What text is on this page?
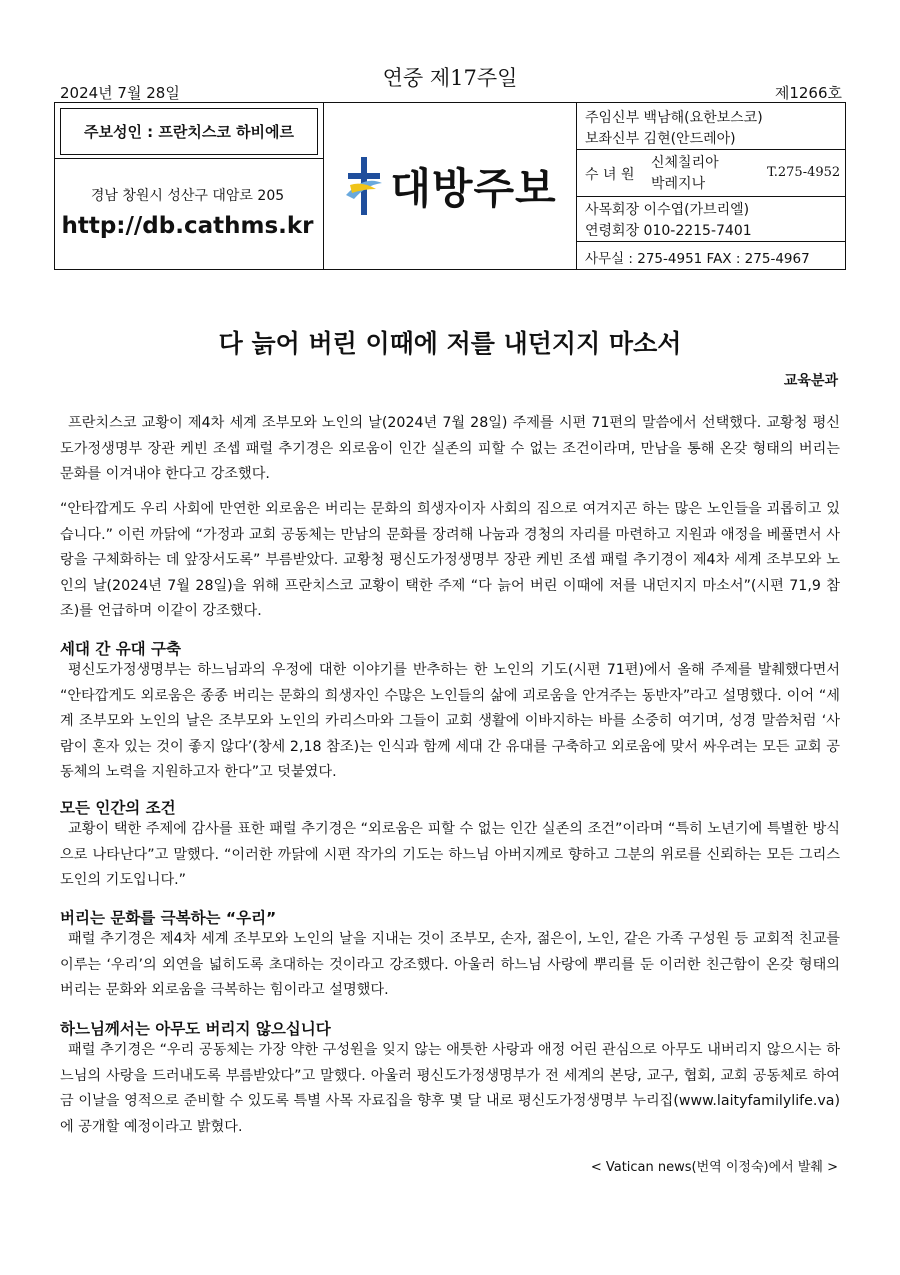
연중 제17주일
2024년 7월 28일	제1266호
주보성인 : 프란치스코 하비에르
경남 창원시 성산구 대암로 205
http://db.cathms.kr
대방주보
주임신부 백남해(요한보스코)
보좌신부 김현(안드레아)
수 녀 원
신체칠리아
박레지나
T.275-4952
사목회장 이수엽(가브리엘)
연령회장 010-2215-7401
사무실 : 275-4951 FAX : 275-4967
다 늙어 버린 이때에 저를 내던지지 마소서
교육분과

프란치스코 교황이 제4차 세계 조부모와 노인의 날(2024년 7월 28일) 주제를 시편 71편의 말씀에서 선택했다. 교황청 평신도가정생명부 장관 케빈 조셉 패럴 추기경은 외로움이 인간 실존의 피할 수 없는 조건이라며, 만남을 통해 온갖 형태의 버리는 문화를 이겨내야 한다고 강조했다.

“안타깝게도 우리 사회에 만연한 외로움은 버리는 문화의 희생자이자 사회의 짐으로 여겨지곤 하는 많은 노인들을 괴롭히고 있습니다.” 이런 까닭에 “가정과 교회 공동체는 만남의 문화를 장려해 나눔과 경청의 자리를 마련하고 지원과 애정을 베풀면서 사랑을 구체화하는 데 앞장서도록” 부름받았다. 교황청 평신도가정생명부 장관 케빈 조셉 패럴 추기경이 제4차 세계 조부모와 노인의 날(2024년 7월 28일)을 위해 프란치스코 교황이 택한 주제 “다 늙어 버린 이때에 저를 내던지지 마소서”(시편 71,9 참조)를 언급하며 이같이 강조했다.

세대 간 유대 구축

평신도가정생명부는 하느님과의 우정에 대한 이야기를 반추하는 한 노인의 기도(시편 71편)에서 올해 주제를 발췌했다면서 “안타깝게도 외로움은 종종 버리는 문화의 희생자인 수많은 노인들의 삶에 괴로움을 안겨주는 동반자”라고 설명했다. 이어 “세계 조부모와 노인의 날은 조부모와 노인의 카리스마와 그들이 교회 생활에 이바지하는 바를 소중히 여기며, 성경 말씀처럼 ‘사람이 혼자 있는 것이 좋지 않다’(창세 2,18 참조)는 인식과 함께 세대 간 유대를 구축하고 외로움에 맞서 싸우려는 모든 교회 공동체의 노력을 지원하고자 한다”고 덧붙였다.

모든 인간의 조건

교황이 택한 주제에 감사를 표한 패럴 추기경은 “외로움은 피할 수 없는 인간 실존의 조건”이라며 “특히 노년기에 특별한 방식으로 나타난다”고 말했다. “이러한 까닭에 시편 작가의 기도는 하느님 아버지께로 향하고 그분의 위로를 신뢰하는 모든 그리스도인의 기도입니다.”

버리는 문화를 극복하는 “우리”

패럴 추기경은 제4차 세계 조부모와 노인의 날을 지내는 것이 조부모, 손자, 젊은이, 노인, 같은 가족 구성원 등 교회적 친교를 이루는 ‘우리’의 외연을 넓히도록 초대하는 것이라고 강조했다. 아울러 하느님 사랑에 뿌리를 둔 이러한 친근함이 온갖 형태의 버리는 문화와 외로움을 극복하는 힘이라고 설명했다.

하느님께서는 아무도 버리지 않으십니다

패럴 추기경은 “우리 공동체는 가장 약한 구성원을 잊지 않는 애틋한 사랑과 애정 어린 관심으로 아무도 내버리지 않으시는 하느님의 사랑을 드러내도록 부름받았다”고 말했다. 아울러 평신도가정생명부가 전 세계의 본당, 교구, 협회, 교회 공동체로 하여금 이날을 영적으로 준비할 수 있도록 특별 사목 자료집을 향후 몇 달 내로 평신도가정생명부 누리집(www.laityfamilylife.va)에 공개할 예정이라고 밝혔다.

< Vatican news(번역 이정숙)에서 발췌 >
